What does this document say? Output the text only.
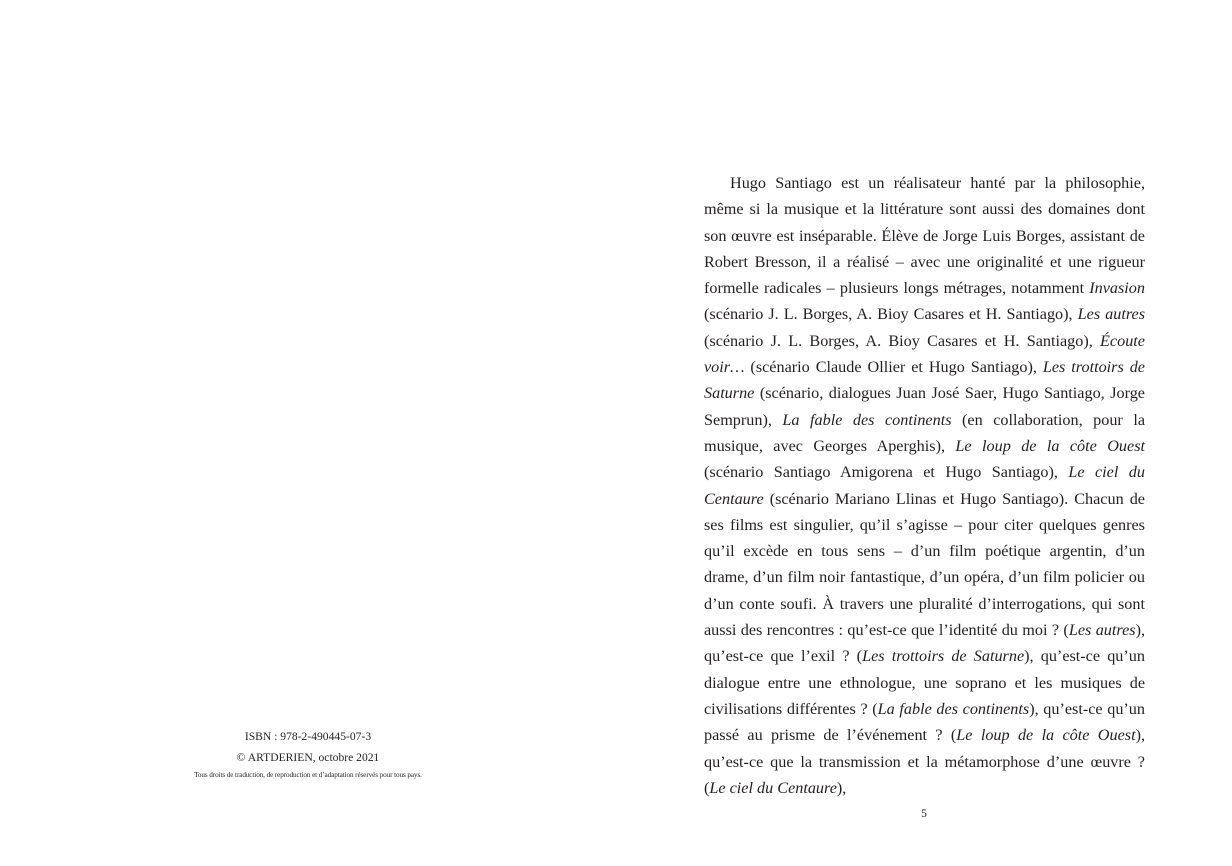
ISBN : 978-2-490445-07-3
© ARTDERIEN, octobre 2021
Tous droits de traduction, de reproduction et d’adaptation réservés pour tous pays.

Hugo Santiago est un réalisateur hanté par la philosophie, même si la musique et la littérature sont aussi des domaines dont son œuvre est inséparable. Élève de Jorge Luis Borges, assistant de Robert Bresson, il a réalisé – avec une originalité et une rigueur formelle radicales – plusieurs longs métrages, notamment Invasion (scénario J. L. Borges, A. Bioy Casares et H. Santiago), Les autres (scénario J. L. Borges, A. Bioy Casares et H. Santiago), Écoute voir… (scénario Claude Ollier et Hugo Santiago), Les trottoirs de Saturne (scénario, dialogues Juan José Saer, Hugo Santiago, Jorge Semprun), La fable des continents (en collaboration, pour la musique, avec Georges Aperghis), Le loup de la côte Ouest (scénario Santiago Amigorena et Hugo Santiago), Le ciel du Centaure (scénario Mariano Llinas et Hugo Santiago). Chacun de ses films est singulier, qu’il s’agisse – pour citer quelques genres qu’il excède en tous sens – d’un film poétique argentin, d’un drame, d’un film noir fantastique, d’un opéra, d’un film policier ou d’un conte soufi. À travers une pluralité d’interrogations, qui sont aussi des rencontres : qu’est-ce que l’identité du moi ? (Les autres), qu’est-ce que l’exil ? (Les trottoirs de Saturne), qu’est-ce qu’un dialogue entre une ethnologue, une soprano et les musiques de civilisations différentes ? (La fable des continents), qu’est-ce qu’un passé au prisme de l’événement ? (Le loup de la côte Ouest), qu’est-ce que la transmission et la métamorphose d’une œuvre ? (Le ciel du Centaure),

5
